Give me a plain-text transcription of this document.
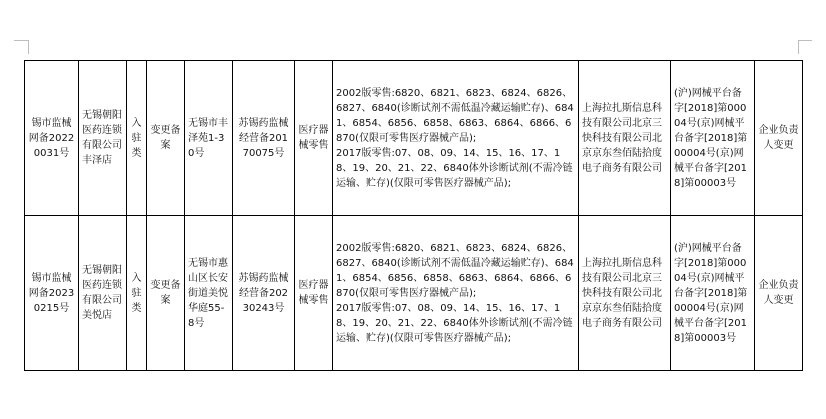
锡市监械网备20220031号	无锡朝阳医药连锁有限公司丰泽店	入驻类	变更备案	无锡市丰泽苑1-30号	苏锡药监械经营备20170075号	医疗器械零售	2002版零售:6820、6821、6823、6824、6826、6827、6840(诊断试剂不需低温冷藏运输贮存)、6841、6854、6856、6858、6863、6864、6866、6870(仅限可零售医疗器械产品);
2017版零售:07、08、09、14、15、16、17、18、19、20、21、22、6840体外诊断试剂(不需冷链运输、贮存)(仅限可零售医疗器械产品);	上海拉扎斯信息科技有限公司北京三快科技有限公司北京京东叁佰陆拾度电子商务有限公司	(沪)网械平台备字[2018]第00004号(京)网械平台备字[2018]第00004号(京)网械平台备字[2018]第00003号	企业负责人变更
锡市监械网备20230215号	无锡朝阳医药连锁有限公司美悦店	入驻类	变更备案	无锡市惠山区长安街道美悦华庭55-8号	苏锡药监械经营备20230243号	医疗器械零售	2002版零售:6820、6821、6823、6824、6826、6827、6840(诊断试剂不需低温冷藏运输贮存)、6841、6854、6856、6858、6863、6864、6866、6870(仅限可零售医疗器械产品);
2017版零售:07、08、09、14、15、16、17、18、19、20、21、22、6840体外诊断试剂(不需冷链运输、贮存)(仅限可零售医疗器械产品);	上海拉扎斯信息科技有限公司北京三快科技有限公司北京京东叁佰陆拾度电子商务有限公司	(沪)网械平台备字[2018]第00004号(京)网械平台备字[2018]第00004号(京)网械平台备字[2018]第00003号	企业负责人变更
